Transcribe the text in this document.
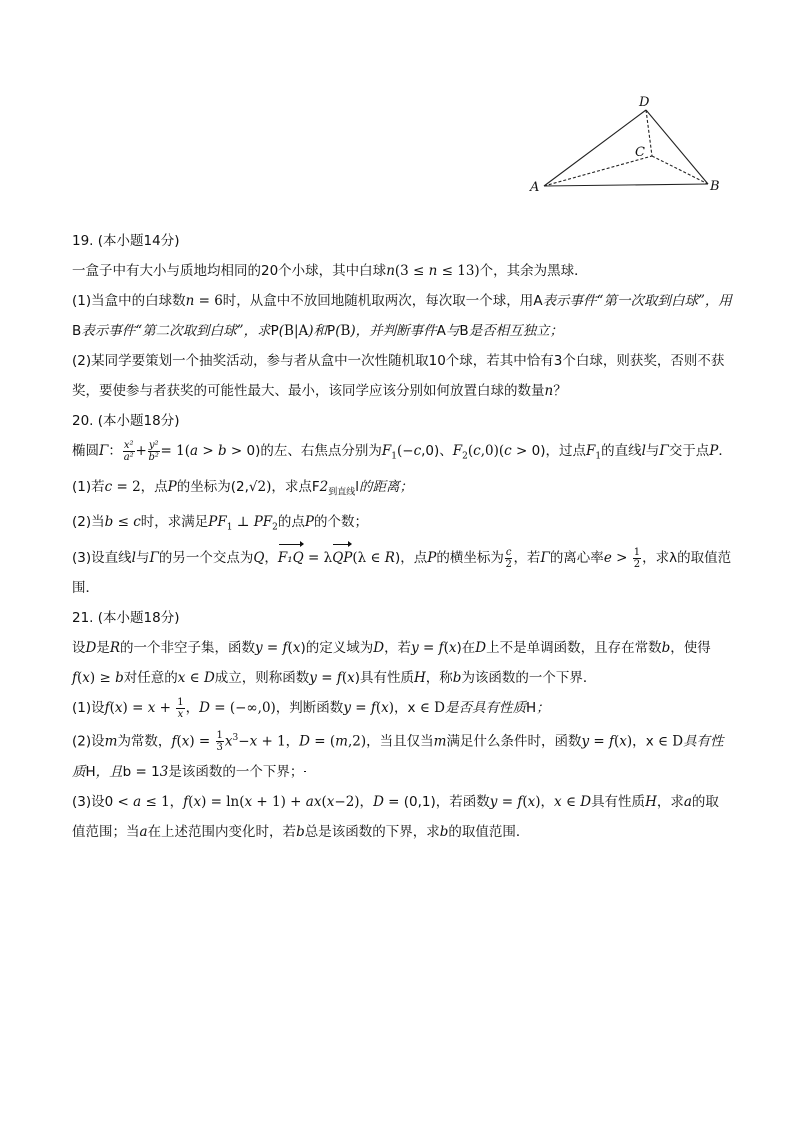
D
C
A	B

19. (本小题14分)

一盒子中有大小与质地均相同的20个小球，其中白球n(3 ≤ n ≤ 13)个，其余为黑球．

(1)当盒中的白球数n = 6时，从盒中不放回地随机取两次，每次取一个球，用A表示事件“第一次取到白球”，用B表示事件“第二次取到白球”，求P(B|A)和P(B)，并判断事件A与B是否相互独立；

(2)某同学要策划一个抽奖活动，参与者从盒中一次性随机取10个球，若其中恰有3个白球，则获奖，否则不获奖，要使参与者获奖的可能性最大、最小，该同学应该分别如何放置白球的数量n？

20. (本小题18分)

椭圆Γ： $\frac{\text{x²}}{\text{a²}} + \frac{\text{y²}}{\text{b²}} = 1(a > b > 0)$的左、右焦点分别为$F_1(-c,0)$、$F_2(c,0)(c > 0)$，过点$F_1$的直线l与Γ交于点P．

(1)若c = 2，点P的坐标为(2,√2)，求点$F2_{到直线}l$的距离；

(2)当b ≤ c时，求满足$PF_1$ ⊥ $PF_2$的点P的个数；

(3)设直线l与Γ的另一个交点为Q，F₁Q = λQP(λ ∈ R)，点P的横坐标为 $\frac{c}{2}$ ，若Γ的离心率$e > \frac{1}{2}$ ，求λ的取值范围．

21. (本小题18分)

设D是R的一个非空子集，函数y = f(x)的定义域为D，若y = f(x)在D上不是单调函数，且存在常数b，使得f(x) ≥ b对任意的x ∈ D成立，则称函数y = f(x)具有性质H，称b为该函数的一个下界．

(1)设$f(x) = x + \frac{1}{x}$ ，D = (−∞,0)，判断函数y = f(x)，x ∈ D是否具有性质H；

(2)设m为常数，$f(x) = \frac{1}{3} x^3-x + 1$，D = (m,2)，当且仅当m满足什么条件时，函数y = f(x)，x ∈ D具有性质H，且b = 13是该函数的一个下界；

(3)设0 < a ≤ 1，f(x) = ln(x + 1) + ax(x−2)，D = (0,1)，若函数y = f(x)，x ∈ D具有性质H，求a的取值范围；当a在上述范围内变化时，若b总是该函数的下界，求b的取值范围．
